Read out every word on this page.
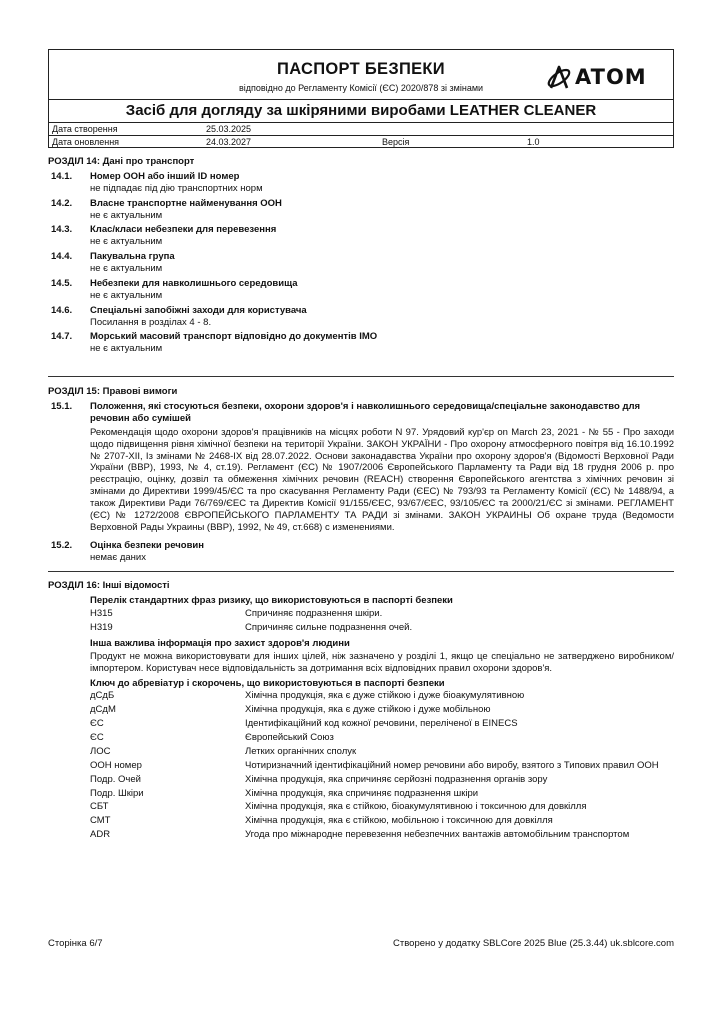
ПАСПОРТ БЕЗПЕКИ
відповідно до Регламенту Комісії (ЄС) 2020/878 зі змінами	ATOM
Засіб для догляду за шкіряними виробами LEATHER CLEANER
Дата створення	25.03.2025
Дата оновлення	24.03.2027	Версія	1.0
РОЗДІЛ 14: Дані про транспорт
14.1. Номер ООН або інший ID номер
не підпадає під дію транспортних норм
14.2. Власне транспортне найменування ООН
не є актуальним
14.3. Клас/класи небезпеки для перевезення
не є актуальним
14.4. Пакувальна група
не є актуальним
14.5. Небезпеки для навколишнього середовища
не є актуальним
14.6. Спеціальні запобіжні заходи для користувача
Посилання в розділах 4 - 8.
14.7. Морський масовий транспорт відповідно до документів IMO
не є актуальним
РОЗДІЛ 15: Правові вимоги
15.1. Положення, які стосуються безпеки, охорони здоров'я і навколишнього середовища/спеціальне законодавство для речовин або сумішей
Рекомендація щодо охорони здоров'я працівників на місцях роботи N 97. Урядовий кур'єр on March 23, 2021 - № 55 - Про заходи щодо підвищення рівня хімічної безпеки на території України. ЗАКОН УКРАЇНИ - Про охорону атмосферного повітря від 16.10.1992 № 2707-XII, Із змінами № 2468-IX від 28.07.2022. Основи законадавства України про охорону здоров'я (Відомості Верховної Ради України (ВВР), 1993, № 4, ст.19). Регламент (ЄС) № 1907/2006 Європейського Парламенту та Ради від 18 грудня 2006 р. про реєстрацію, оцінку, дозвіл та обмеження хімічних речовин (REACH) створення Європейського агентства з хімічних речовин зі змінами до Директиви 1999/45/ЄС та про скасування Регламенту Ради (ЄЕС) № 793/93 та Регламенту Комісії (ЄС) № 1488/94, а також Директиви Ради 76/769/ЄЕС та Директив Комісії 91/155/ЄЕС, 93/67/ЄЕС, 93/105/ЄС та 2000/21/ЄС зі змінами. РЕГЛАМЕНТ (ЄС) № 1272/2008 ЄВРОПЕЙСЬКОГО ПАРЛАМЕНТУ ТА РАДИ зі змінами. ЗАКОН УКРАИНЫ Об охране труда (Ведомости Верховной Рады Украины (ВВР), 1992, № 49, ст.668) с изменениями.
15.2. Оцінка безпеки речовин
немає даних
РОЗДІЛ 16: Інші відомості
Перелік стандартних фраз ризику, що використовуються в паспорті безпеки
H315	Спричиняє подразнення шкіри.
H319	Спричиняє сильне подразнення очей.
Інша важлива інформація про захист здоров'я людини
Продукт не можна використовувати для інших цілей, ніж зазначено у розділі 1, якщо це спеціально не затверджено виробником/імпортером. Користувач несе відповідальність за дотримання всіх відповідних правил охорони здоров'я.
Ключ до абревіатур і скорочень, що використовуються в паспорті безпеки
дСдБ	Хімічна продукція, яка є дуже стійкою і дуже біоакумулятивною
дСдМ	Хімічна продукція, яка є дуже стійкою і дуже мобільною
ЄС	Ідентифікаційний код кожної речовини, переліченої в EINECS
ЄС	Європейський Союз
ЛОС	Летких органічних сполук
ООН номер	Чотиризначний ідентифікаційний номер речовини або виробу, взятого з Типових правил ООН
Подр. Очей	Хімічна продукція, яка спричиняє серйозні подразнення органів зору
Подр. Шкіри	Хімічна продукція, яка спричиняє подразнення шкіри
СБТ	Хімічна продукція, яка є стійкою, біоакумулятивною і токсичною для довкілля
СМТ	Хімічна продукція, яка є стійкою, мобільною і токсичною для довкілля
ADR	Угода про міжнародне перевезення небезпечних вантажів автомобільним транспортом
Сторінка 6/7	Створено у додатку SBLCore 2025 Blue (25.3.44) uk.sblcore.com
